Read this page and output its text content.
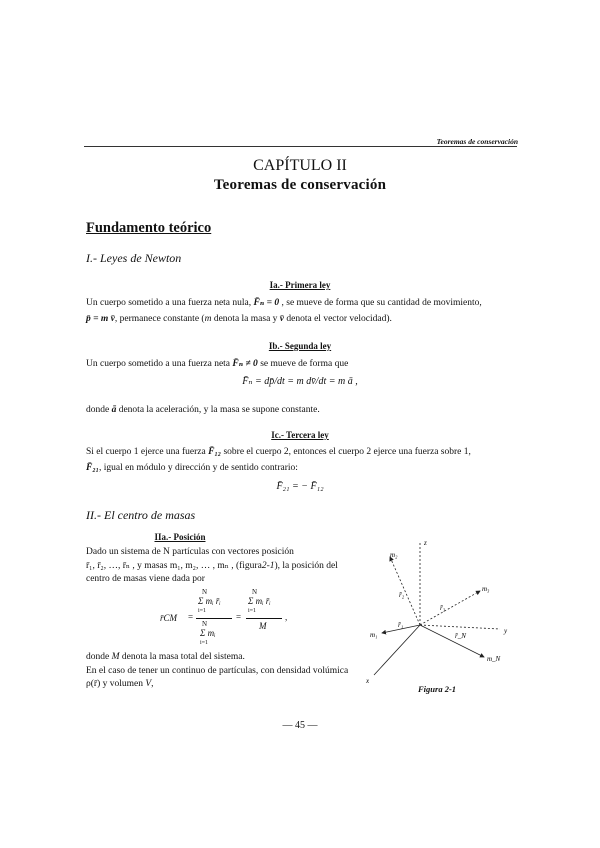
Teoremas de conservación
CAPÍTULO II
Teoremas de conservación
Fundamento teórico
I.- Leyes de Newton
Ia.- Primera ley
Un cuerpo sometido a una fuerza neta nula, F̄ₙ = 0 , se mueve de forma que su cantidad de movimiento,
p̄ = m v̄, permanece constante (m denota la masa y v̄ denota el vector velocidad).
Ib.- Segunda ley
Un cuerpo sometido a una fuerza neta F̄ₙ ≠ 0 se mueve de forma que
F̄ₙ = dp̄/dt = m dv̄/dt = m ā ,
donde ā denota la aceleración, y la masa se supone constante.
Ic.- Tercera ley
Si el cuerpo 1 ejerce una fuerza F̄₁₂ sobre el cuerpo 2, entonces el cuerpo 2 ejerce una fuerza sobre 1,
F̄₂₁, igual en módulo y dirección y de sentido contrario:
F̄₂₁ = − F̄₁₂
II.- El centro de masas
IIa.- Posición
Dado un sistema de N partículas con vectores posición
r̄₁, r̄₂, …, r̄ₙ , y masas m₁, m₂, … , mₙ , (figura2-1), la posición del
centro de masas viene dada por
r̄CM =
N
Σ mᵢ r̄ᵢ
i=1
N
Σ mᵢ
i=1
=
N
Σ mᵢ r̄ᵢ
i=1
M
,
donde M denota la masa total del sistema.
En el caso de tener un continuo de partículas, con densidad volúmica
ρ(r̄) y volumen V,
z
y
x
m₂
m₃
m_N
m₁
r̄₂
r̄₃
r̄_N
r̄₁
Figura 2-1
— 45 —
